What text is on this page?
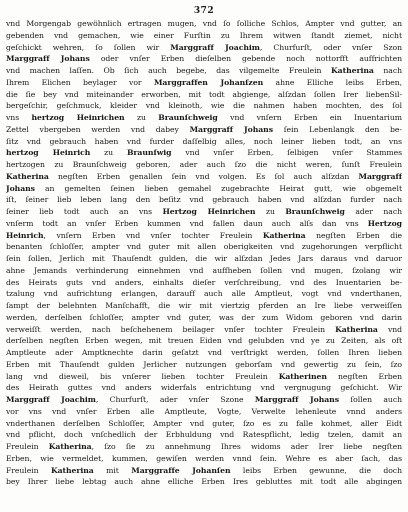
372
vnd Morgengab gewöhnlich ertragen mugen, vnd ſo ſolliche Schlos, Ampter vnd gutter, an
gebenden vnd gemachen, wie einer Furſtin zu Ihrem witwen ſtandt ziemet, nicht
geſchickt wehren, ſo ſollen wir Marggraff Joachim, Churfurſt, oder vnſer Szon
Marggraff Johans oder vnſer Erben dieſelben gebende noch nottorfft auffrichten
vnd machen laſſen. Ob ſich auch begebe, das vilgemelte Freulein Katherina nach
Ihrem Elichen beylager vor Marggraffen Johanſzen ahne Elliche leibs Erben,
die ſie bey vnd miteinander erworben, mit todt abgienge, alſzdan ſollen Irer liebenSil-
bergeſchir, geſchmuck, kleider vnd kleinoth, wie die nahmen haben mochten, des ſol
vns hertzog Heinrichen zu Braunſchweig vnd vnſern Erben ein Inuentarium
Zettel vbergeben werden vnd dabey Marggraff Johans ſein Lebenlangk den be-
ſitz vnd gebrauch haben vnd furder daſſelbig alles, noch leiner lieben todt, an vns
hertzog Heinrich zu Braunſwig vnd vnſer Erben, ſelbigen vnſer Stammes
hertzogen zu Braunſchweig geboren, ader auch ſzo die nicht weren, ſunſt Freulein
Katherina negſten Erben genallen ſein vnd volgen. Es ſol auch alſzdan Marggraff
Johans an gemelten ſeinen lieben gemahel zugebrachte Heirat gutt, wie obgemelt
iſt, ſeiner lieb leben lang den beſitz vnd gebrauch haben vnd alſzdan furder nach
ſeiner lieb todt auch an vns Hertzog Heinrichen zu Braunſchweig ader nach
vnſerm todt an vnſer Erben kummen vnd fallen daun auch alſs dan vns Hertzog
Heinrich, vnſern Erben vnd vnſer tochter Freulein Katherina negſten Erben die
benanten ſchloſſer, ampter vnd guter mit allen oberigkeiten vnd zugehorungen verpflicht
ſein ſollen, Jerlich mit Thauſendt gulden, die wir alſzdan Jedes Jars daraus vnd daruor
ahne Jemands verhinderung einnehmen vnd auffheben ſollen vnd mugen, ſzolang wir
des Heirats guts vnd anders, einhalts dieſer verſchreibung, vnd des Inuentarien be-
tzalung vnd aufrichtung erlangen, darauff auch alle Amptleut, vogt vnd vnderthanen,
ſampt der belehnten Manſchafft, die wir mit viertzig pferden an Ire liebe verweiſſen
werden, derſelben ſchloſſer, ampter vnd guter, was der zum Widom geboren vnd darin
verweiſſt werden, nach beſchehenem beilager vnſer tochter Freulein Katherina vnd
derſelben negſten Erben wegen, mit treuen Eiden vnd gelubden vnd ye zu Zeiten, als oft
Amptleute ader Amptknechte darin geſatzt vnd verſtrigkt werden, ſollen Ihren lieben
Erben mit Thauſendt gulden Jerlicher nutzungen geborſam vnd gewertig zu ſein, ſzo
lang vnd dieweil, bis vnſerer lieben tochter Freulein Katherinen negſten Erben
des Heirath guttes vnd anders widerfals entrichtung vnd vergnugung geſchicht. Wir
Marggraff Joachim, Churfurſt, ader vnſer Szone Marggraff Johans ſollen auch
vor vns vnd vnſer Erben alle Amptleute, Vogte, Verwelte lehenleute vnnd anders
vnderthanen derſelben Schloſſer, Ampter vnd guter, ſzo es zu falle kohmet, aller Eidt
vnd pflicht, doch vnſchedlich der Erbhuldung vnd Ratespflicht, ledig tzelen, damit an
Freulein Katherina, ſzo ſie zu annehmung Ihres widoms ader Irer liebe negſten
Erben, wie vermeldet, kummen, gewiſen werden vnnd ſein. Wehre es aber ſach, das
Freulein Katherina mit Marggraffe Johanſen leibs Erben gewunne, die doch
bey Ihrer liebe lebtag auch ahne elliche Erben Ires gebluttes mit todt alle abgingen
